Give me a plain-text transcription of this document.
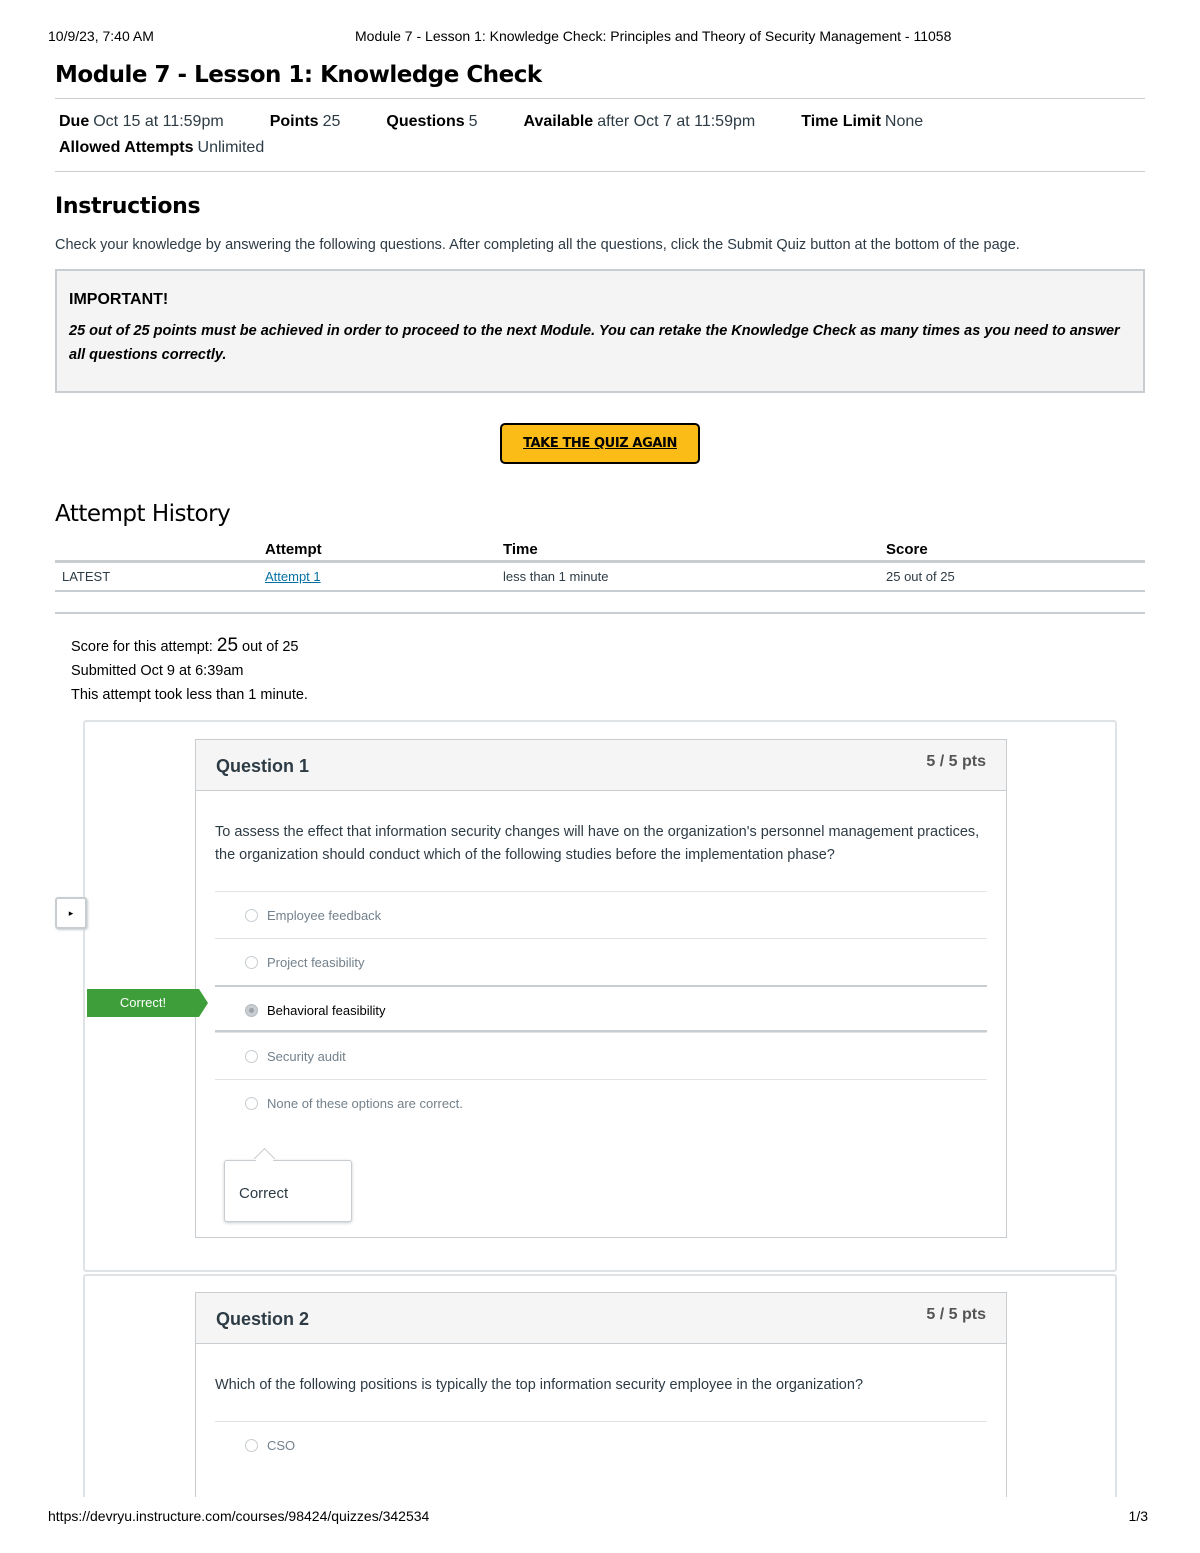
10/9/23, 7:40 AM	Module 7 - Lesson 1: Knowledge Check: Principles and Theory of Security Management - 11058
Module 7 - Lesson 1: Knowledge Check
Due Oct 15 at 11:59pm	Points 25	Questions 5	Available after Oct 7 at 11:59pm	Time Limit None
Allowed Attempts Unlimited
Instructions

Check your knowledge by answering the following questions. After completing all the questions, click the Submit Quiz button at the bottom of the page.

IMPORTANT!
25 out of 25 points must be achieved in order to proceed to the next Module. You can retake the Knowledge Check as many times as you need to answer all questions correctly.
TAKE THE QUIZ AGAIN
Attempt History
	Attempt	Time	Score
LATEST	Attempt 1	less than 1 minute	25 out of 25
Score for this attempt: 25 out of 25
Submitted Oct 9 at 6:39am
This attempt took less than 1 minute.
Question 1	5 / 5 pts
To assess the effect that information security changes will have on the organization's personnel management practices, the organization should conduct which of the following studies before the implementation phase?
Employee feedback
Project feasibility
Behavioral feasibility
Security audit
None of these options are correct.
▸
Correct!
Correct
Question 2	5 / 5 pts
Which of the following positions is typically the top information security employee in the organization?
CSO
https://devryu.instructure.com/courses/98424/quizzes/342534	1/3
